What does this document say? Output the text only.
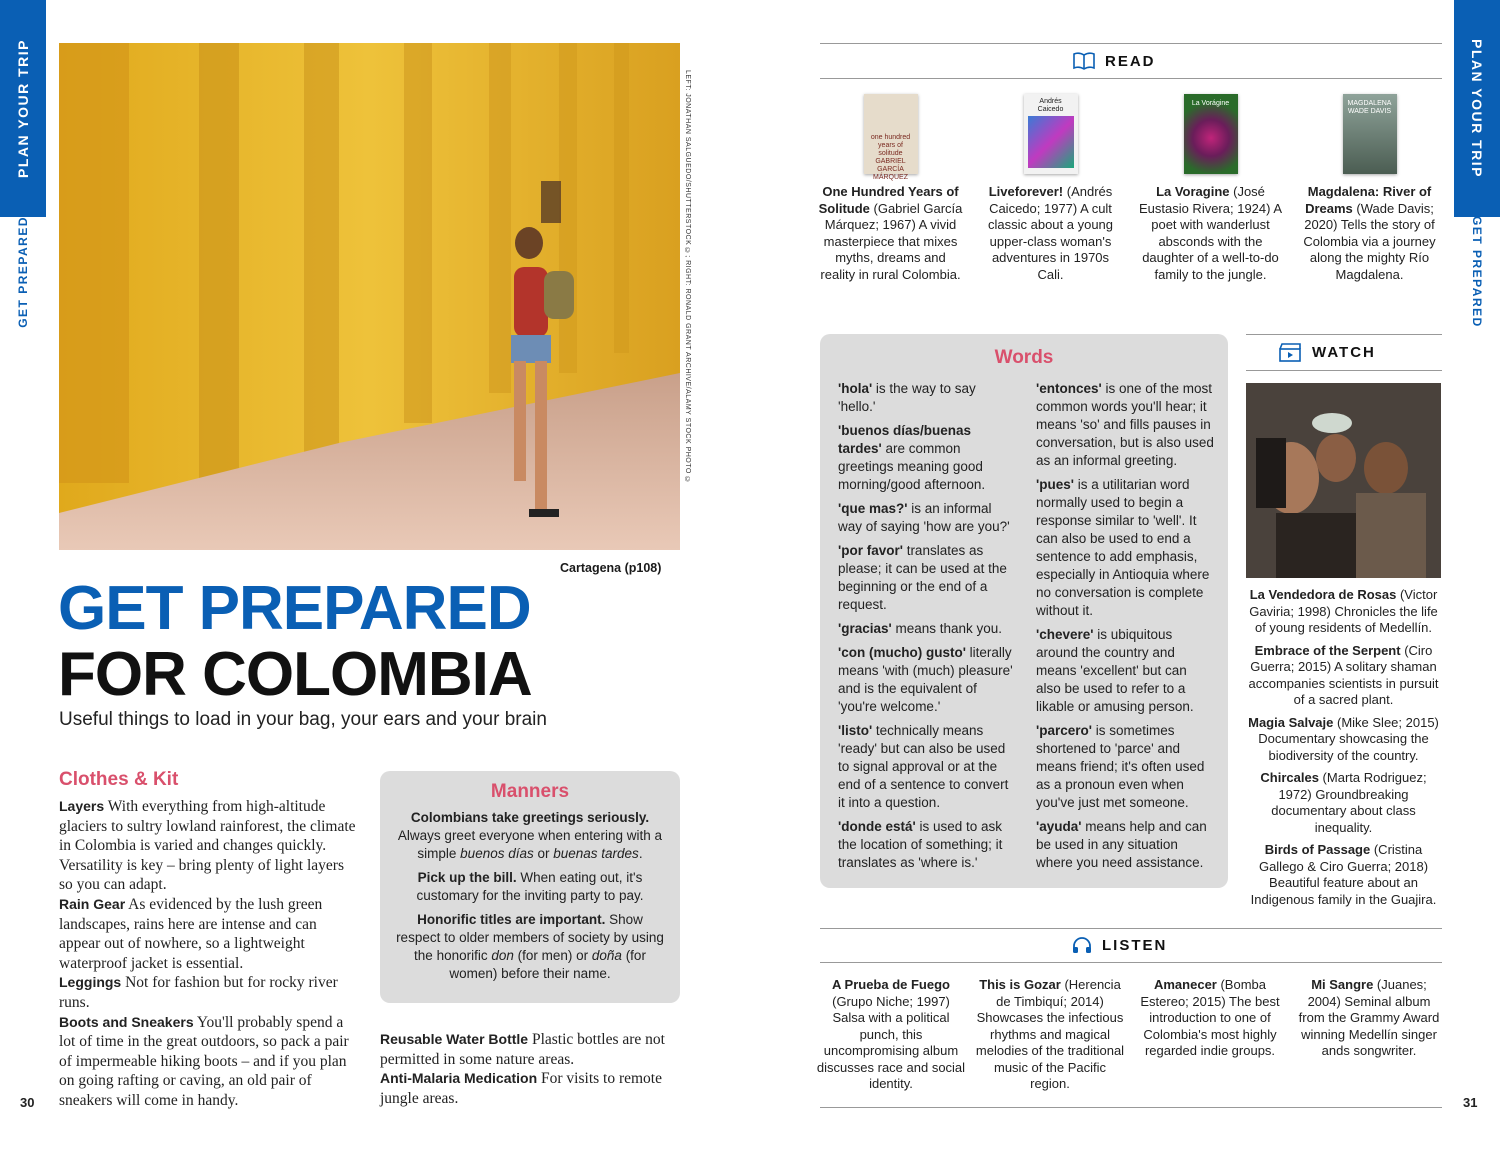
PLAN YOUR TRIP
GET PREPARED
PLAN YOUR TRIP
GET PREPARED
30	31
LEFT: JONATHAN SALGUEDO/SHUTTERSTOCK ©; RIGHT: RONALD GRANT ARCHIVE/ALAMY STOCK PHOTO ©
Cartagena (p108)
GET PREPARED
FOR COLOMBIA
Useful things to load in your bag, your ears and your brain
Clothes & Kit

Layers With everything from high-altitude glaciers to sultry lowland rainforest, the climate in Colombia is varied and changes quickly. Versatility is key – bring plenty of light layers so you can adapt.

Rain Gear As evidenced by the lush green landscapes, rains here are intense and can appear out of nowhere, so a lightweight waterproof jacket is essential.

Leggings Not for fashion but for rocky river runs.

Boots and Sneakers You'll probably spend a lot of time in the great outdoors, so pack a pair of impermeable hiking boots – and if you plan on going rafting or caving, an old pair of sneakers will come in handy.

Reusable Water Bottle Plastic bottles are not permitted in some nature areas.

Anti-Malaria Medication For visits to remote jungle areas.

Manners

Colombians take greetings seriously. Always greet everyone when entering with a simple buenos días or buenas tardes.

Pick up the bill. When eating out, it's customary for the inviting party to pay.

Honorific titles are important. Show respect to older members of society by using the honorific don (for men) or doña (for women) before their name.

READ
one hundred years of solitude GABRIEL GARCÍA MÁRQUEZ
One Hundred Years of Solitude (Gabriel García Márquez; 1967) A vivid masterpiece that mixes myths, dreams and reality in rural Colombia.
Andrés Caicedo
Liveforever! (Andrés Caicedo; 1977) A cult classic about a young upper-class woman's adventures in 1970s Cali.
La Vorágine
La Voragine (José Eustasio Rivera; 1924) A poet with wanderlust absconds with the daughter of a well-to-do family to the jungle.
MAGDALENA WADE DAVIS
Magdalena: River of Dreams (Wade Davis; 2020) Tells the story of Colombia via a journey along the mighty Río Magdalena.
Words

'hola' is the way to say 'hello.'

'buenos días/buenas tardes' are common greetings meaning good morning/good afternoon.

'que mas?' is an informal way of saying 'how are you?'

'por favor' translates as please; it can be used at the beginning or the end of a request.

'gracias' means thank you.

'con (mucho) gusto' literally means 'with (much) pleasure' and is the equivalent of 'you're welcome.'

'listo' technically means 'ready' but can also be used to signal approval or at the end of a sentence to convert it into a question.

'donde está' is used to ask the location of something; it translates as 'where is.'

'entonces' is one of the most common words you'll hear; it means 'so' and fills pauses in conversation, but is also used as an informal greeting.

'pues' is a utilitarian word normally used to begin a response similar to 'well'. It can also be used to end a sentence to add emphasis, especially in Antioquia where no conversation is complete without it.

'chevere' is ubiquitous around the country and means 'excellent' but can also be used to refer to a likable or amusing person.

'parcero' is sometimes shortened to 'parce' and means friend; it's often used as a pronoun even when you've just met someone.

'ayuda' means help and can be used in any situation where you need assistance.

WATCH

La Vendedora de Rosas (Victor Gaviria; 1998) Chronicles the life of young residents of Medellín.

Embrace of the Serpent (Ciro Guerra; 2015) A solitary shaman accompanies scientists in pursuit of a sacred plant.

Magia Salvaje (Mike Slee; 2015) Documentary showcasing the biodiversity of the country.

Chircales (Marta Rodriguez; 1972) Groundbreaking documentary about class inequality.

Birds of Passage (Cristina Gallego & Ciro Guerra; 2018) Beautiful feature about an Indigenous family in the Guajira.

LISTEN
A Prueba de Fuego (Grupo Niche; 1997) Salsa with a political punch, this uncompromising album discusses race and social identity.
This is Gozar (Herencia de Timbiquí; 2014) Showcases the infectious rhythms and magical melodies of the traditional music of the Pacific region.
Amanecer (Bomba Estereo; 2015) The best introduction to one of Colombia's most highly regarded indie groups.
Mi Sangre (Juanes; 2004) Seminal album from the Grammy Award winning Medellín singer ands songwriter.
